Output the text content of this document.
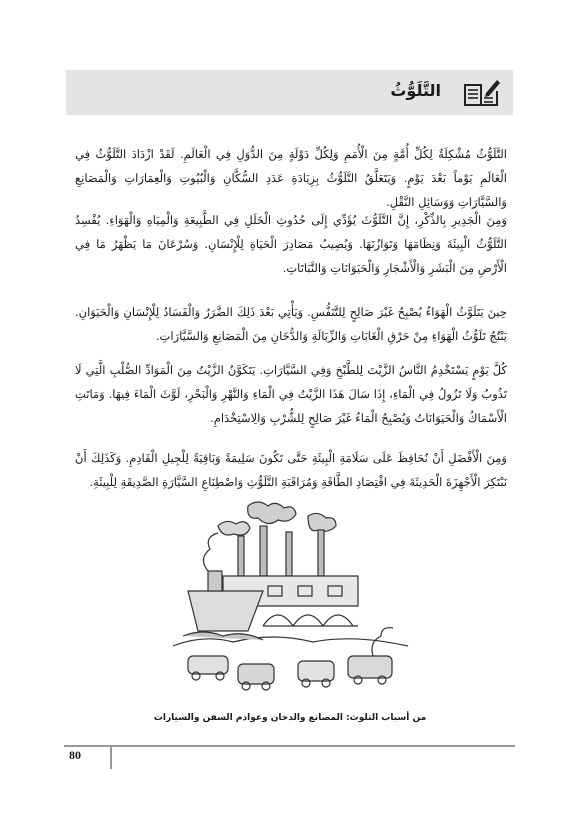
التَّلَوُّثُ

التَّلَوُّثُ مُشْكِلَةٌ لِكُلِّ أُمَّةٍ مِنَ الْأُمَمِ وَلِكُلِّ دَوْلَةٍ مِنَ الدُّوَلِ فِي الْعَالَمِ. لَقَدْ ازْدَادَ التَّلَوُّثُ فِي الْعَالَمِ يَوْماً بَعْدَ يَوْمٍ. وَيَتَعَلَّقُ التَّلَوُّثُ بِزِيَادَةِ عَدَدِ السُّكَّانِ وَالْبُيُوتِ وَالْعِمَارَاتِ وَالْمَصَانِعِ وَالسَّيَّارَاتِ وَوَسَائِلِ النَّقْلِ.

وَمِنَ الْجَدِيرِ بِالذِّكْرِ، إِنَّ التَّلَوُّثَ يُؤَدِّي إِلَى حُدُوثِ الْخَلَلِ فِي الطَّبِيعَةِ وَالْمِيَاهِ وَالْهَوَاءِ. يُفْسِدُ التَّلَوُّثُ الْبِيئَةَ وَنِظَامَهَا وَتَوَازُنَهَا. وَيُصِيبُ مَصَادِرَ الْحَيَاةِ لِلْإِنْسَانِ. وَسُرْعَانَ مَا يَظْهَرُ مَا فِي الْأَرْضِ مِنَ الْبَشَرِ وَالْأَشْجَارِ وَالْحَيَوَانَاتِ وَالنَّبَاتَاتِ.

حِينَ يَتَلَوَّثُ الْهَوَاءُ يُصْبِحُ غَيْرَ صَالِحٍ لِلتَّنَفُّسِ. وَيَأْتِي بَعْدَ ذَلِكَ الضَّرَرُ وَالْفَسَادُ لِلْإِنْسَانِ وَالْحَيَوَانِ. يَنْتُجُ تَلَوُّثُ الْهَوَاءِ مِنْ حَرْقِ الْغَابَاتِ وَالزِّبَالَةِ وَالدُّخَانِ مِنَ الْمَصَانِعِ وَالسَّيَّارَاتِ.

كُلَّ يَوْمٍ يَسْتَخْدِمُ النَّاسُ الزَّيْتَ لِلطَّبْخِ وَفِي السَّيَّارَاتِ. يَتَكَوَّنُ الزَّيْتُ مِنَ الْمَوَادِّ الصُّلْبِ الَّتِي لَا تَذُوبُ وَلَا تَزُولُ فِي الْمَاءِ، إِذَا سَالَ هَذَا الزَّيْتُ فِي الْمَاءِ وَالنَّهْرِ وَالْبَحْرِ، لَوَّثَ الْمَاءَ فِيهَا. وَمَاتَتِ الْأَسْمَاكُ وَالْحَيَوَانَاتُ وَيُصْبِحُ الْمَاءُ غَيْرَ صَالِحٍ لِلشُّرْبِ وَالِاسْتِخْدَامِ.

وَمِنَ الْأَفْضَلِ أَنْ نُحَافِظَ عَلَى سَلَامَةِ الْبِيئَةِ حَتَّى تَكُونَ سَلِيمَةً وَبَاقِيَةً لِلْجِيلِ الْقَادِمِ. وَكَذَلِكَ أَنْ نَبْتَكِرَ الْأَجْهِزَةَ الْحَدِيثَةَ فِي اقْتِصَادِ الطَّاقَةِ وَمُرَاقَبَةِ التَّلَوُّثِ وَاصْطِنَاعِ السَّيَّارَةِ الصَّدِيقَةِ لِلْبِيئَةِ.

من أسباب التلوث: المصانع والدخان وعوادم السفن والسيارات
80
